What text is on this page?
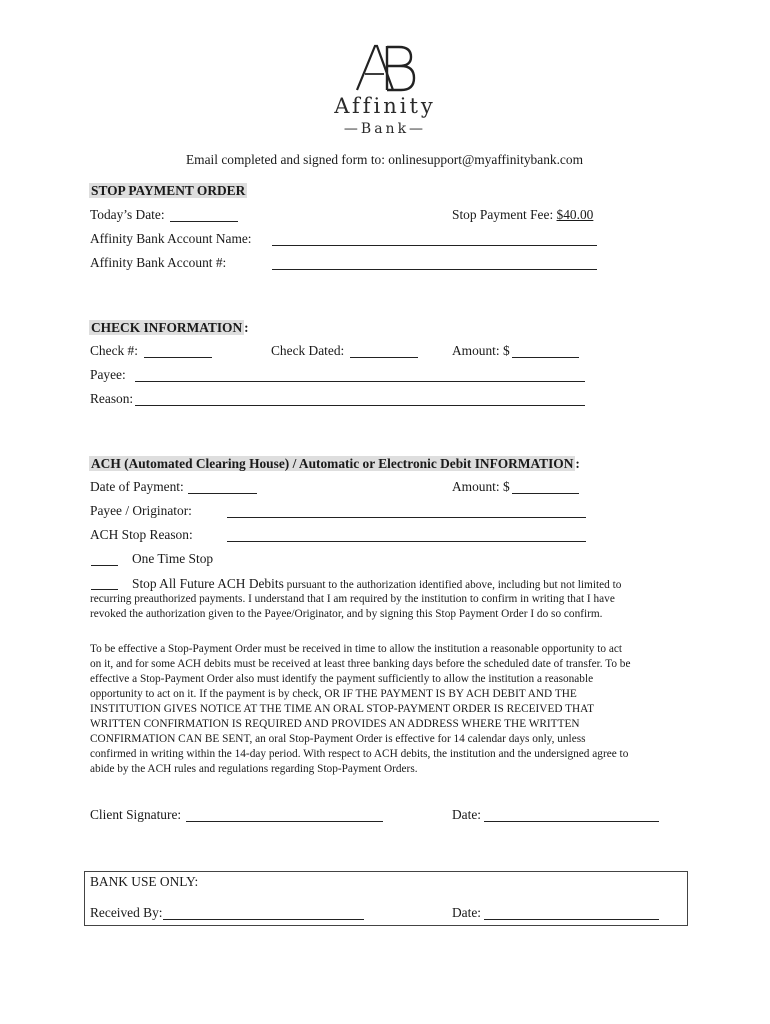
Affinity
—Bank—
Email completed and signed form to: onlinesupport@myaffinitybank.com
STOP PAYMENT ORDER
Today’s Date:	Stop Payment Fee: $40.00
Affinity Bank Account Name:
Affinity Bank Account #:
CHECK INFORMATION :
Check #:	Check Dated:	Amount: $
Payee:
Reason:
ACH (Automated Clearing House) / Automatic or Electronic Debit INFORMATION :
Date of Payment:	Amount: $
Payee / Originator:
ACH Stop Reason:
One Time Stop
Stop All Future ACH Debits pursuant to the authorization identified above, including but not limited to
recurring preauthorized payments. I understand that I am required by the institution to confirm in writing that I have
revoked the authorization given to the Payee/Originator, and by signing this Stop Payment Order I do so confirm.
To be effective a Stop-Payment Order must be received in time to allow the institution a reasonable opportunity to act
on it, and for some ACH debits must be received at least three banking days before the scheduled date of transfer. To be
effective a Stop-Payment Order also must identify the payment sufficiently to allow the institution a reasonable
opportunity to act on it. If the payment is by check, OR IF THE PAYMENT IS BY ACH DEBIT AND THE
INSTITUTION GIVES NOTICE AT THE TIME AN ORAL STOP-PAYMENT ORDER IS RECEIVED THAT
WRITTEN CONFIRMATION IS REQUIRED AND PROVIDES AN ADDRESS WHERE THE WRITTEN
CONFIRMATION CAN BE SENT, an oral Stop-Payment Order is effective for 14 calendar days only, unless
confirmed in writing within the 14-day period. With respect to ACH debits, the institution and the undersigned agree to
abide by the ACH rules and regulations regarding Stop-Payment Orders.
Client Signature:	Date:
BANK USE ONLY:
Received By:	Date:
